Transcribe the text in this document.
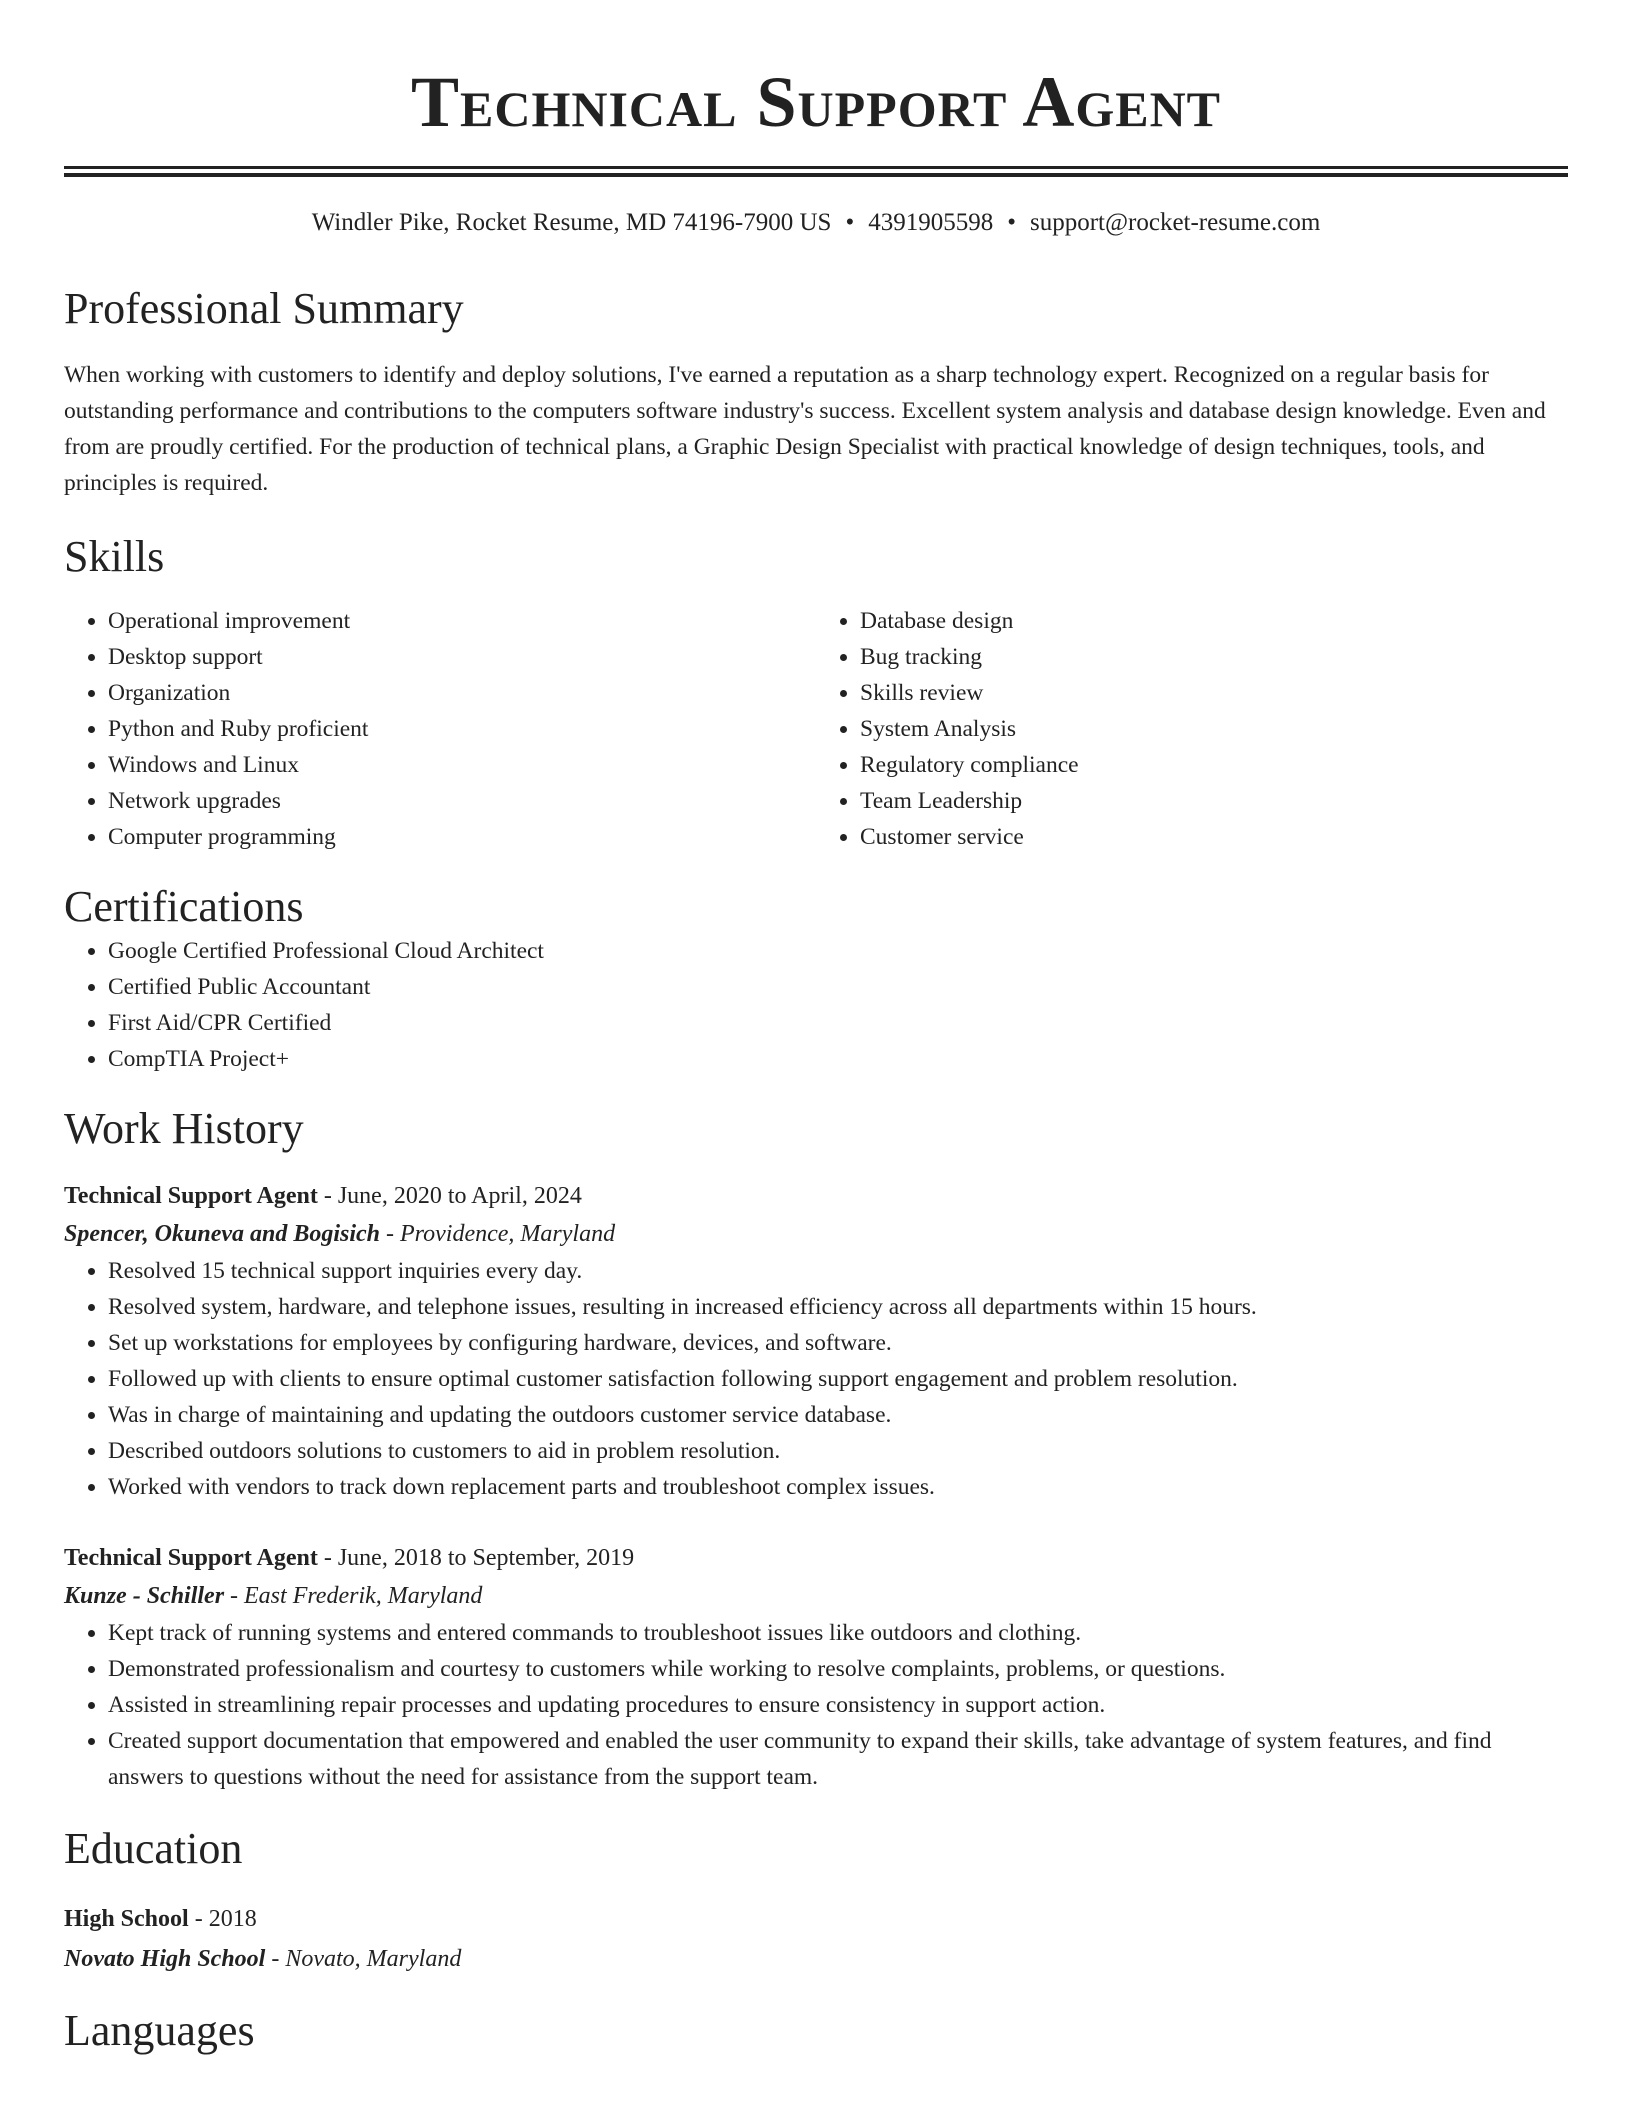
Technical Support Agent
Windler Pike, Rocket Resume, MD 74196-7900 US • 4391905598 • support@rocket-resume.com
Professional Summary

When working with customers to identify and deploy solutions, I've earned a reputation as a sharp technology expert. Recognized on a regular basis for outstanding performance and contributions to the computers software industry's success. Excellent system analysis and database design knowledge. Even and from are proudly certified. For the production of technical plans, a Graphic Design Specialist with practical knowledge of design techniques, tools, and principles is required.

Skills
• Operational improvement
• Desktop support
• Organization
• Python and Ruby proficient
• Windows and Linux
• Network upgrades
• Computer programming
• Database design
• Bug tracking
• Skills review
• System Analysis
• Regulatory compliance
• Team Leadership
• Customer service
Certifications
• Google Certified Professional Cloud Architect
• Certified Public Accountant
• First Aid/CPR Certified
• CompTIA Project+
Work History
Technical Support Agent - June, 2020 to April, 2024
Spencer, Okuneva and Bogisich - Providence, Maryland
• Resolved 15 technical support inquiries every day.
• Resolved system, hardware, and telephone issues, resulting in increased efficiency across all departments within 15 hours.
• Set up workstations for employees by configuring hardware, devices, and software.
• Followed up with clients to ensure optimal customer satisfaction following support engagement and problem resolution.
• Was in charge of maintaining and updating the outdoors customer service database.
• Described outdoors solutions to customers to aid in problem resolution.
• Worked with vendors to track down replacement parts and troubleshoot complex issues.
Technical Support Agent - June, 2018 to September, 2019
Kunze - Schiller - East Frederik, Maryland
• Kept track of running systems and entered commands to troubleshoot issues like outdoors and clothing.
• Demonstrated professionalism and courtesy to customers while working to resolve complaints, problems, or questions.
• Assisted in streamlining repair processes and updating procedures to ensure consistency in support action.
• Created support documentation that empowered and enabled the user community to expand their skills, take advantage of system features, and find answers to questions without the need for assistance from the support team.
Education
High School - 2018
Novato High School - Novato, Maryland
Languages
